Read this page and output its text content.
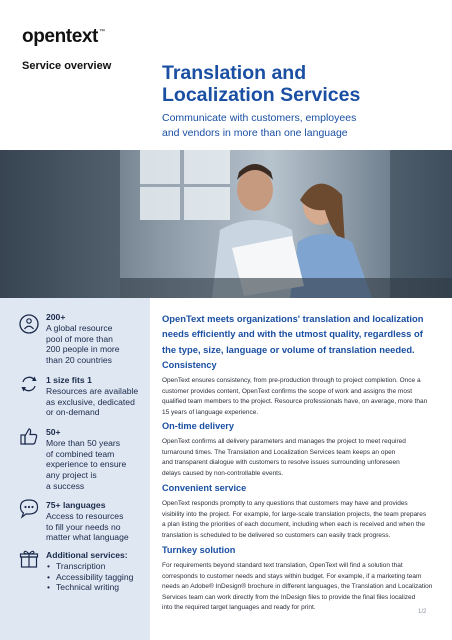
opentext™
Service overview	Translation and
Localization Services
Communicate with customers, employees
and vendors in more than one language
200+
A global resource
pool of more than
200 people in more
than 20 countries
1 size fits 1
Resources are available
as exclusive, dedicated
or on-demand
50+
More than 50 years
of combined team
experience to ensure
any project is
a success
75+ languages
Access to resources
to fill your needs no
matter what language
Additional services:
• Transcription
• Accessibility tagging
• Technical writing
OpenText meets organizations' translation and localization
needs efficiently and with the utmost quality, regardless of
the type, size, language or volume of translation needed.
Consistency
OpenText ensures consistency, from pre-production through to project completion. Once a
customer provides content, OpenText confirms the scope of work and assigns the most
qualified team members to the project. Resource professionals have, on average, more than
15 years of language experience.
On-time delivery
OpenText confirms all delivery parameters and manages the project to meet required
turnaround times. The Translation and Localization Services team keeps an open
and transparent dialogue with customers to resolve issues surrounding unforeseen
delays caused by non-controllable events.
Convenient service
OpenText responds promptly to any questions that customers may have and provides
visibility into the project. For example, for large-scale translation projects, the team prepares
a plan listing the priorities of each document, including when each is received and when the
translation is scheduled to be delivered so customers can easily track progress.
Turnkey solution
For requirements beyond standard text translation, OpenText will find a solution that
corresponds to customer needs and stays within budget. For example, if a marketing team
needs an Adobe® InDesign® brochure in different languages, the Translation and Localization
Services team can work directly from the InDesign files to provide the final files localized
into the required target languages and ready for print.
1/2
